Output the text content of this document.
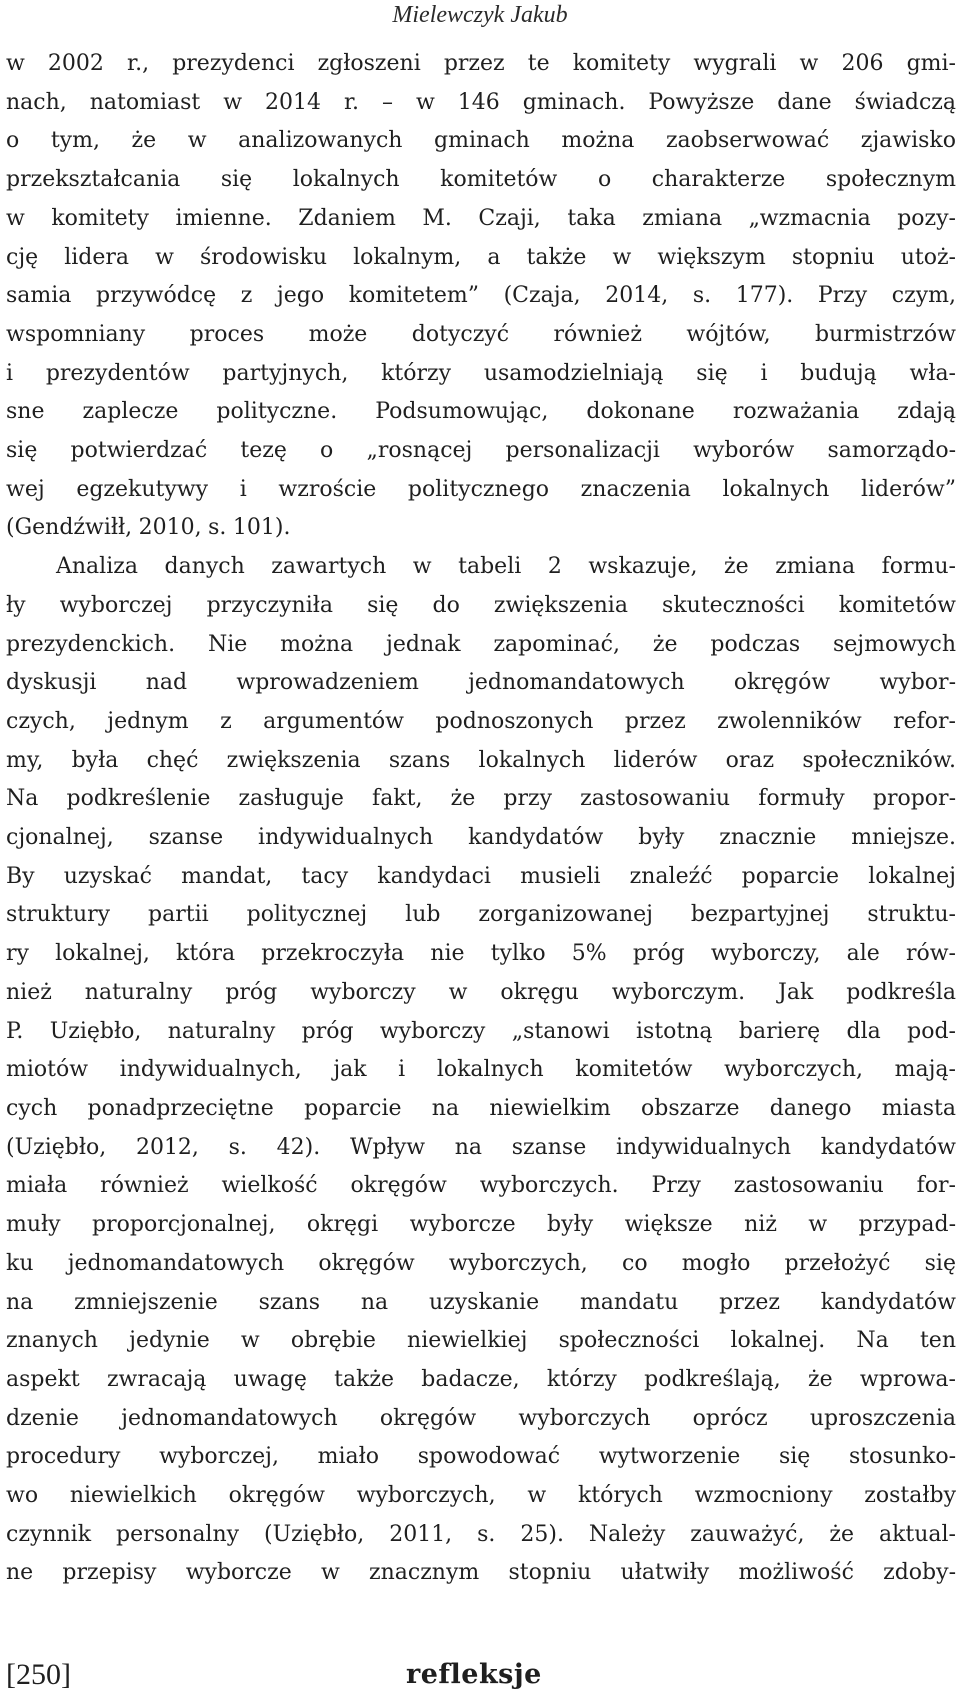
Mielewczyk Jakub

w 2002 r., prezydenci zgłoszeni przez te komitety wygrali w 206 gmi-
nach, natomiast w 2014 r. – w 146 gminach. Powyższe dane świadczą
o tym, że w analizowanych gminach można zaobserwować zjawisko
przekształcania się lokalnych komitetów o charakterze społecznym
w komitety imienne. Zdaniem M. Czaji, taka zmiana „wzmacnia pozy-
cję lidera w środowisku lokalnym, a także w większym stopniu utoż-
samia przywódcę z jego komitetem” (Czaja, 2014, s. 177). Przy czym,
wspomniany proces może dotyczyć również wójtów, burmistrzów
i prezydentów partyjnych, którzy usamodzielniają się i budują wła-
sne zaplecze polityczne. Podsumowując, dokonane rozważania zdają
się potwierdzać tezę o „rosnącej personalizacji wyborów samorządo-
wej egzekutywy i wzroście politycznego znaczenia lokalnych liderów”
(Gendźwiłł, 2010, s. 101).

Analiza danych zawartych w tabeli 2 wskazuje, że zmiana formu-
ły wyborczej przyczyniła się do zwiększenia skuteczności komitetów
prezydenckich. Nie można jednak zapominać, że podczas sejmowych
dyskusji nad wprowadzeniem jednomandatowych okręgów wybor-
czych, jednym z argumentów podnoszonych przez zwolenników refor-
my, była chęć zwiększenia szans lokalnych liderów oraz społeczników.
Na podkreślenie zasługuje fakt, że przy zastosowaniu formuły propor-
cjonalnej, szanse indywidualnych kandydatów były znacznie mniejsze.
By uzyskać mandat, tacy kandydaci musieli znaleźć poparcie lokalnej
struktury partii politycznej lub zorganizowanej bezpartyjnej struktu-
ry lokalnej, która przekroczyła nie tylko 5% próg wyborczy, ale rów-
nież naturalny próg wyborczy w okręgu wyborczym. Jak podkreśla
P. Uziębło, naturalny próg wyborczy „stanowi istotną barierę dla pod-
miotów indywidualnych, jak i lokalnych komitetów wyborczych, mają-
cych ponadprzeciętne poparcie na niewielkim obszarze danego miasta
(Uziębło, 2012, s. 42). Wpływ na szanse indywidualnych kandydatów
miała również wielkość okręgów wyborczych. Przy zastosowaniu for-
muły proporcjonalnej, okręgi wyborcze były większe niż w przypad-
ku jednomandatowych okręgów wyborczych, co mogło przełożyć się
na zmniejszenie szans na uzyskanie mandatu przez kandydatów
znanych jedynie w obrębie niewielkiej społeczności lokalnej. Na ten
aspekt zwracają uwagę także badacze, którzy podkreślają, że wprowa-
dzenie jednomandatowych okręgów wyborczych oprócz uproszczenia
procedury wyborczej, miało spowodować wytworzenie się stosunko-
wo niewielkich okręgów wyborczych, w których wzmocniony zostałby
czynnik personalny (Uziębło, 2011, s. 25). Należy zauważyć, że aktual-
ne przepisy wyborcze w znacznym stopniu ułatwiły możliwość zdoby-

[250]	refleksje
